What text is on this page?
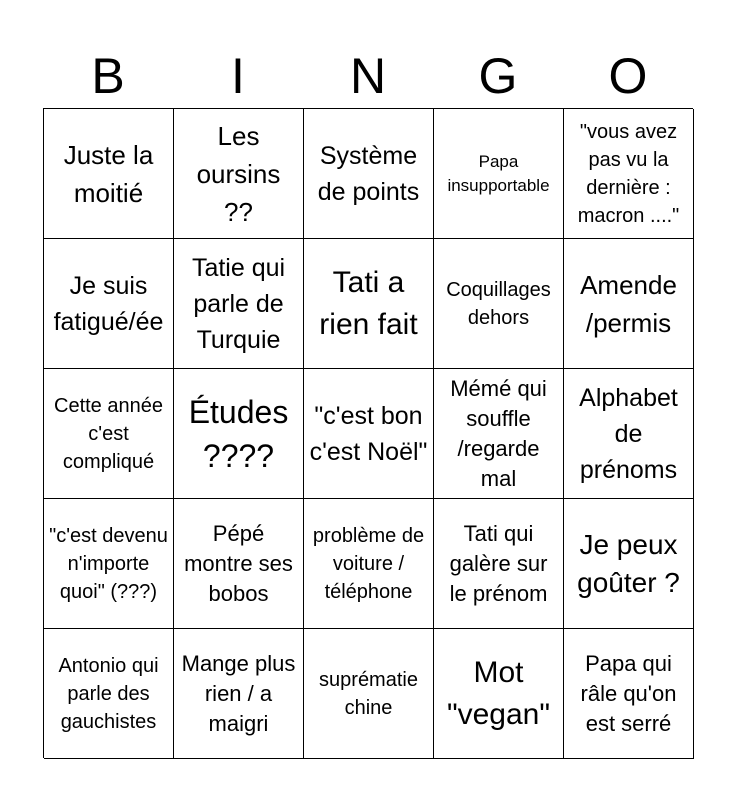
B	I	N	G	O
Juste la moitié
Les oursins ??
Système de points
Papa insupportable
"vous avez pas vu la dernière : macron ...."
Je suis fatigué/ée
Tatie qui parle de Turquie
Tati a rien fait
Coquillages dehors
Amende /permis
Cette année c'est compliqué
Études ????
"c'est bon c'est Noël"
Mémé qui souffle /regarde mal
Alphabet de prénoms
"c'est devenu n'importe quoi" (???)
Pépé montre ses bobos
problème de voiture / téléphone
Tati qui galère sur le prénom
Je peux goûter ?
Antonio qui parle des gauchistes
Mange plus rien / a maigri
suprématie chine
Mot "vegan"
Papa qui râle qu'on est serré
